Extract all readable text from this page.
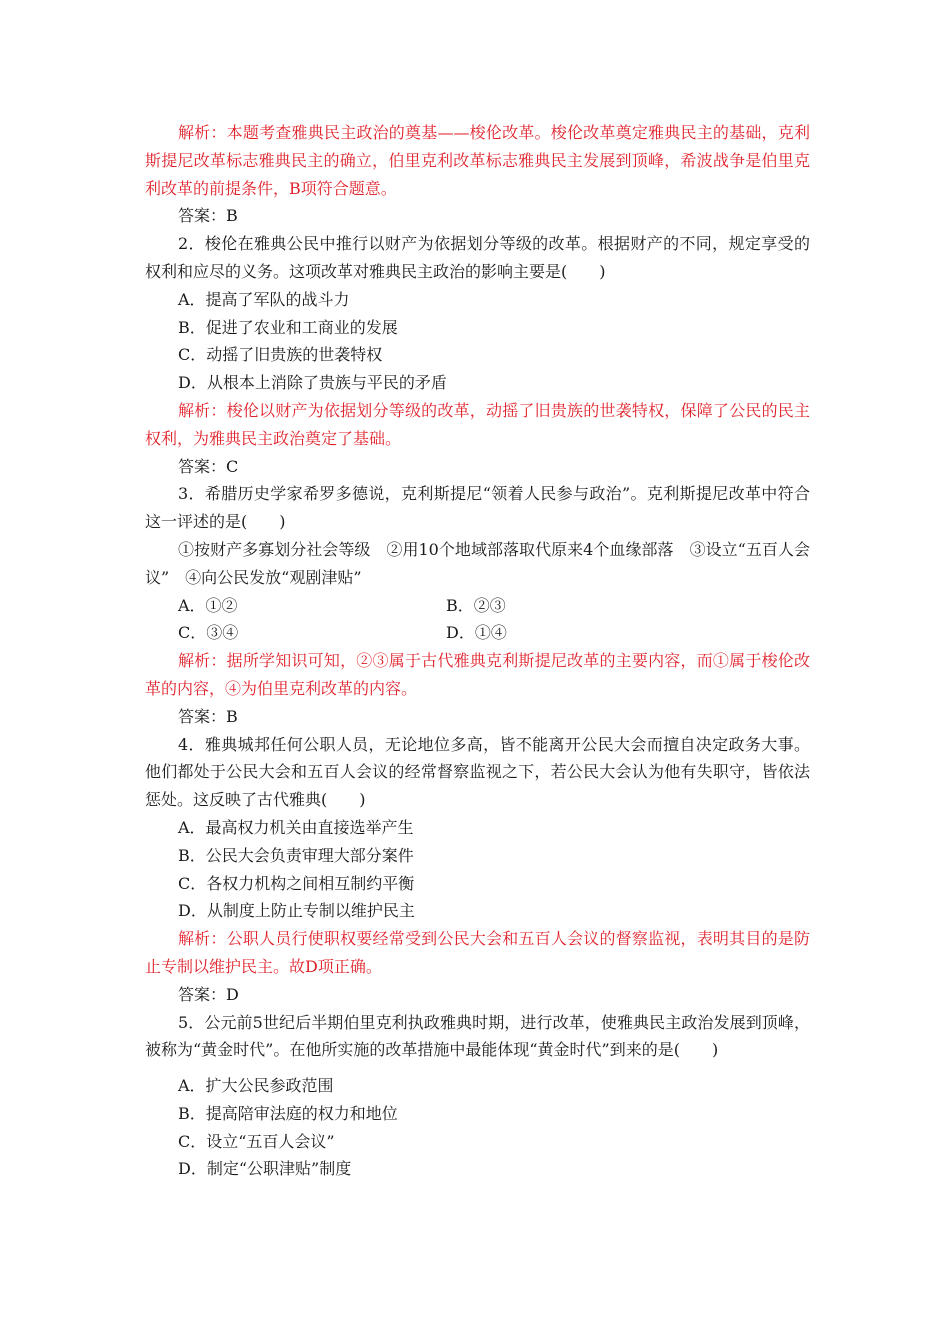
解析：本题考查雅典民主政治的奠基——梭伦改革。梭伦改革奠定雅典民主的基础，克利斯提尼改革标志雅典民主的确立，伯里克利改革标志雅典民主发展到顶峰，希波战争是伯里克利改革的前提条件，B项符合题意。

答案：B

2．梭伦在雅典公民中推行以财产为依据划分等级的改革。根据财产的不同，规定享受的权利和应尽的义务。这项改革对雅典民主政治的影响主要是(　　)

A．提高了军队的战斗力

B．促进了农业和工商业的发展

C．动摇了旧贵族的世袭特权

D．从根本上消除了贵族与平民的矛盾

解析：梭伦以财产为依据划分等级的改革，动摇了旧贵族的世袭特权，保障了公民的民主权利，为雅典民主政治奠定了基础。

答案：C

3．希腊历史学家希罗多德说，克利斯提尼“领着人民参与政治”。克利斯提尼改革中符合这一评述的是(　　)

①按财产多寡划分社会等级　②用10个地域部落取代原来4个血缘部落　③设立“五百人会议”　④向公民发放“观剧津贴”

A．①②	B．②③
C．③④	D．①④

解析：据所学知识可知，②③属于古代雅典克利斯提尼改革的主要内容，而①属于梭伦改革的内容，④为伯里克利改革的内容。

答案：B

4．雅典城邦任何公职人员，无论地位多高，皆不能离开公民大会而擅自决定政务大事。他们都处于公民大会和五百人会议的经常督察监视之下，若公民大会认为他有失职守，皆依法惩处。这反映了古代雅典(　　)

A．最高权力机关由直接选举产生

B．公民大会负责审理大部分案件

C．各权力机构之间相互制约平衡

D．从制度上防止专制以维护民主

解析：公职人员行使职权要经常受到公民大会和五百人会议的督察监视，表明其目的是防止专制以维护民主。故D项正确。

答案：D

5．公元前5世纪后半期伯里克利执政雅典时期，进行改革，使雅典民主政治发展到顶峰，被称为“黄金时代”。在他所实施的改革措施中最能体现“黄金时代”到来的是(　　)

A．扩大公民参政范围

B．提高陪审法庭的权力和地位

C．设立“五百人会议”

D．制定“公职津贴”制度
